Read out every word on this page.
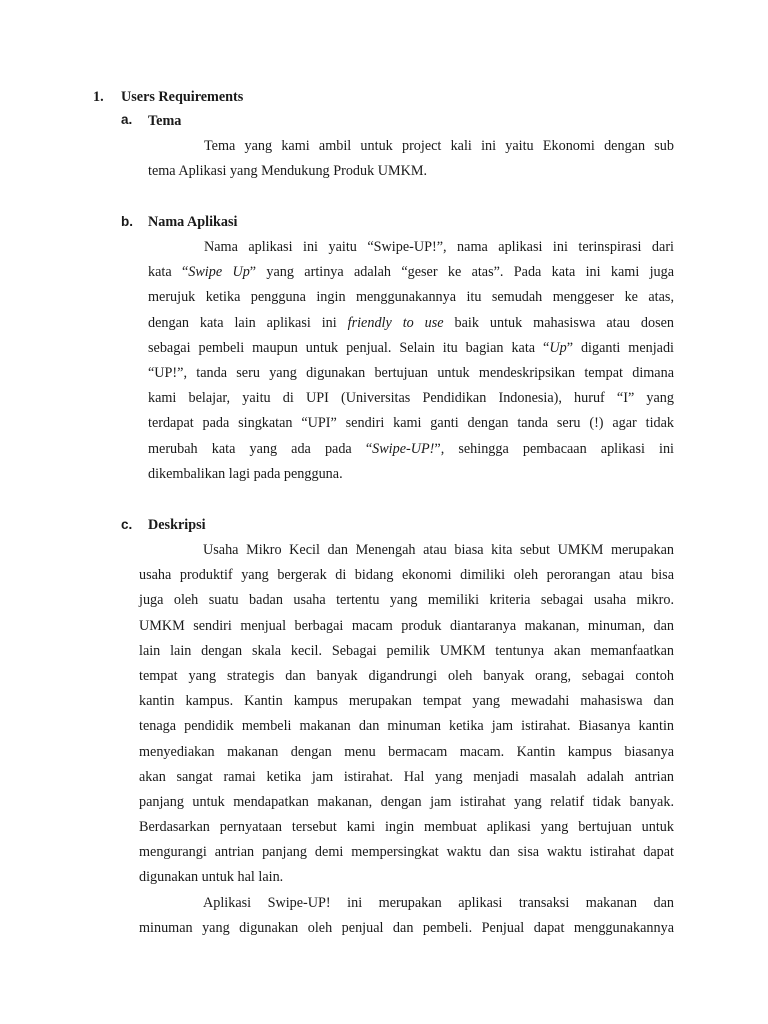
1. Users Requirements
a. Tema
Tema yang kami ambil untuk project kali ini yaitu Ekonomi dengan sub
tema Aplikasi yang Mendukung Produk UMKM.
b. Nama Aplikasi
Nama aplikasi ini yaitu “Swipe-UP!”, nama aplikasi ini terinspirasi dari
kata “Swipe Up” yang artinya adalah “geser ke atas”. Pada kata ini kami juga
merujuk ketika pengguna ingin menggunakannya itu semudah menggeser ke atas,
dengan kata lain aplikasi ini friendly to use baik untuk mahasiswa atau dosen
sebagai pembeli maupun untuk penjual. Selain itu bagian kata “Up” diganti menjadi
“UP!”, tanda seru yang digunakan bertujuan untuk mendeskripsikan tempat dimana
kami belajar, yaitu di UPI (Universitas Pendidikan Indonesia), huruf “I” yang
terdapat pada singkatan “UPI” sendiri kami ganti dengan tanda seru (!) agar tidak
merubah kata yang ada pada “Swipe-UP!”, sehingga pembacaan aplikasi ini
dikembalikan lagi pada pengguna.
c. Deskripsi
Usaha Mikro Kecil dan Menengah atau biasa kita sebut UMKM merupakan
usaha produktif yang bergerak di bidang ekonomi dimiliki oleh perorangan atau bisa
juga oleh suatu badan usaha tertentu yang memiliki kriteria sebagai usaha mikro.
UMKM sendiri menjual berbagai macam produk diantaranya makanan, minuman, dan
lain lain dengan skala kecil. Sebagai pemilik UMKM tentunya akan memanfaatkan
tempat yang strategis dan banyak digandrungi oleh banyak orang, sebagai contoh
kantin kampus. Kantin kampus merupakan tempat yang mewadahi mahasiswa dan
tenaga pendidik membeli makanan dan minuman ketika jam istirahat. Biasanya kantin
menyediakan makanan dengan menu bermacam macam. Kantin kampus biasanya
akan sangat ramai ketika jam istirahat. Hal yang menjadi masalah adalah antrian
panjang untuk mendapatkan makanan, dengan jam istirahat yang relatif tidak banyak.
Berdasarkan pernyataan tersebut kami ingin membuat aplikasi yang bertujuan untuk
mengurangi antrian panjang demi mempersingkat waktu dan sisa waktu istirahat dapat
digunakan untuk hal lain.
Aplikasi Swipe-UP! ini merupakan aplikasi transaksi makanan dan
minuman yang digunakan oleh penjual dan pembeli. Penjual dapat menggunakannya
